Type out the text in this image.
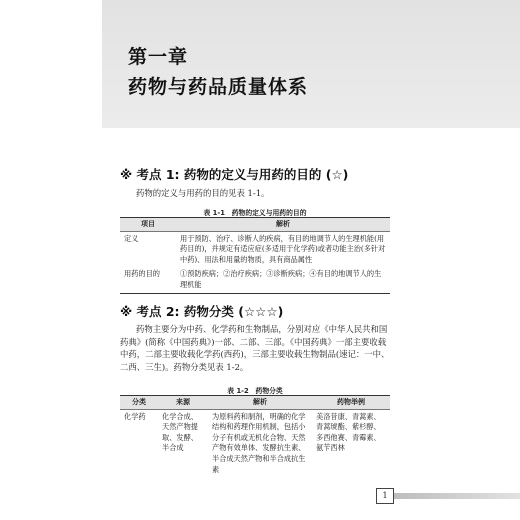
第一章
药物与药品质量体系
※ 考点 1: 药物的定义与用药的目的 (☆)
药物的定义与用药的目的见表 1-1。
表 1-1　药物的定义与用药的目的
项目	解析
定义	用于预防、治疗、诊断人的疾病，有目的地调节人的生理机能(用药目的)，并规定有适应症(多适用于化学药)或者功能主治(多针对中药)、用法和用量的物质，具有商品属性
用药的目的	①预防疾病；②治疗疾病；③诊断疾病；④有目的地调节人的生理机能
※ 考点 2: 药物分类 (☆☆☆)
药物主要分为中药、化学药和生物制品，分别对应《中华人民共和国药典》(简称《中国药典》)一部、二部、三部。《中国药典》一部主要收载中药，二部主要收载化学药(西药)，三部主要收载生物制品(速记：一中、二西、三生)。药物分类见表 1-2。
表 1-2　药物分类
分类	来源	解析	药物举例
化学药	化学合成、天然产物提取、发酵、半合成	为原料药和制剂，明确的化学结构和药理作用机制，包括小分子有机或无机化合物、天然产物有效单体、发酵抗生素、半合成天然产物和半合成抗生素	美洛昔康、青蒿素、青蒿琥酯、紫杉醇、多西他赛、青霉素、氨苄西林
1
